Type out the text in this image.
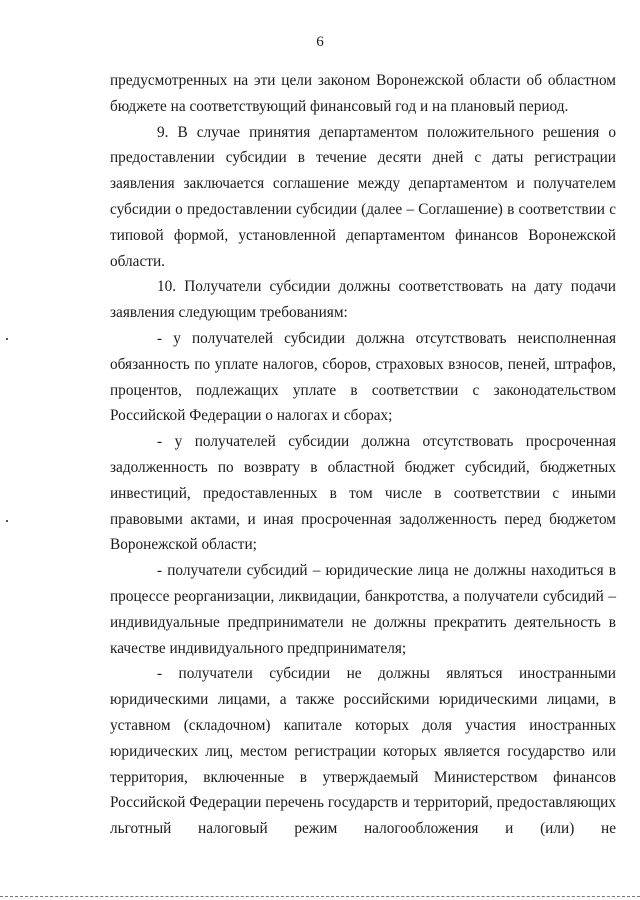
6

предусмотренных на эти цели законом Воронежской области об областном бюджете на соответствующий финансовый год и на плановый период.

9. В случае принятия департаментом положительного решения о предоставлении субсидии в течение десяти дней с даты регистрации заявления заключается соглашение между департаментом и получателем субсидии о предоставлении субсидии (далее – Соглашение) в соответствии с типовой формой, установленной департаментом финансов Воронежской области.

10. Получатели субсидии должны соответствовать на дату подачи заявления следующим требованиям:

- у получателей субсидии должна отсутствовать неисполненная обязанность по уплате налогов, сборов, страховых взносов, пеней, штрафов, процентов, подлежащих уплате в соответствии с законодательством Российской Федерации о налогах и сборах;

- у получателей субсидии должна отсутствовать просроченная задолженность по возврату в областной бюджет субсидий, бюджетных инвестиций, предоставленных в том числе в соответствии с иными правовыми актами, и иная просроченная задолженность перед бюджетом Воронежской области;

- получатели субсидий – юридические лица не должны находиться в процессе реорганизации, ликвидации, банкротства, а получатели субсидий – индивидуальные предприниматели не должны прекратить деятельность в качестве индивидуального предпринимателя;

- получатели субсидии не должны являться иностранными юридическими лицами, а также российскими юридическими лицами, в уставном (складочном) капитале которых доля участия иностранных юридических лиц, местом регистрации которых является государство или территория, включенные в утверждаемый Министерством финансов Российской Федерации перечень государств и территорий, предоставляющих льготный налоговый режим налогообложения и (или) не
